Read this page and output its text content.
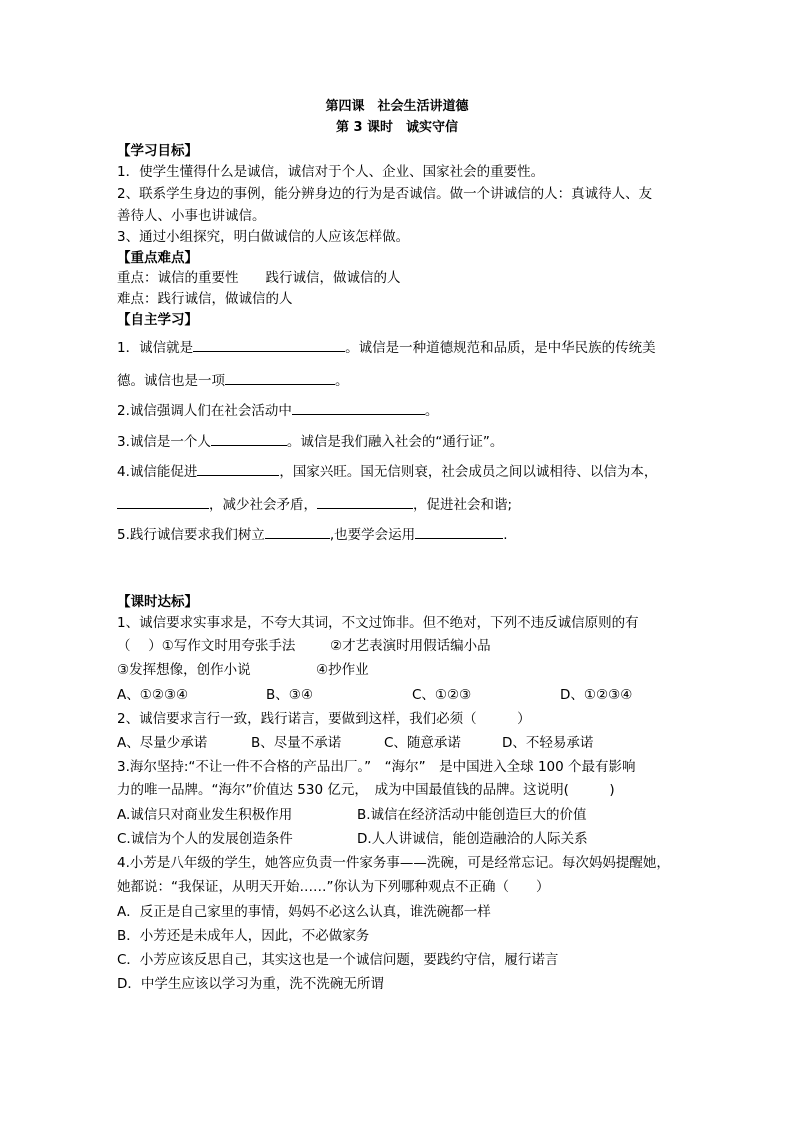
第四课　社会生活讲道德
第 3 课时　诚实守信
【学习目标】
1．使学生懂得什么是诚信，诚信对于个人、企业、国家社会的重要性。
2、联系学生身边的事例，能分辨身边的行为是否诚信。做一个讲诚信的人：真诚待人、友
善待人、小事也讲诚信。
3、通过小组探究，明白做诚信的人应该怎样做。
【重点难点】
重点：诚信的重要性　　践行诚信，做诚信的人
难点：践行诚信，做诚信的人
【自主学习】
1．诚信就是	。诚信是一种道德规范和品质，是中华民族的传统美
德。诚信也是一项	。
2.诚信强调人们在社会活动中	。
3.诚信是一个人	。诚信是我们融入社会的“通行证”。
4.诚信能促进	，国家兴旺。国无信则衰，社会成员之间以诚相待、以信为本，
，减少社会矛盾，	，促进社会和谐;
5.践行诚信要求我们树立	,也要学会运用	.
【课时达标】
1、诚信要求实事求是，不夸大其词，不文过饰非。但不绝对，下列不违反诚信原则的有
（　 ）①写作文时用夸张手法	②才艺表演时用假话编小品
③发挥想像，创作小说	④抄作业
A、①②③④	B、③④	C、①②③	D、①②③④
2、诚信要求言行一致，践行诺言，要做到这样，我们必须（　　　）
A、尽量少承诺	B、尽量不承诺	C、随意承诺	D、不轻易承诺
3.海尔坚持:“不让一件不合格的产品出厂。”　“海尔”　是中国进入全球 100 个最有影响
力的唯一品牌。“海尔”价值达 530 亿元，　成为中国最值钱的品牌。这说明(　　　)
A.诚信只对商业发生积极作用	B.诚信在经济活动中能创造巨大的价值
C.诚信为个人的发展创造条件	D.人人讲诚信，能创造融洽的人际关系
4.小芳是八年级的学生，她答应负责一件家务事——洗碗，可是经常忘记。每次妈妈提醒她，
她都说：“我保证，从明天开始……”你认为下列哪种观点不正确（　　）
A．反正是自己家里的事情，妈妈不必这么认真，谁洗碗都一样
B．小芳还是未成年人，因此，不必做家务
C．小芳应该反思自己，其实这也是一个诚信问题，要践约守信，履行诺言
D．中学生应该以学习为重，洗不洗碗无所谓
